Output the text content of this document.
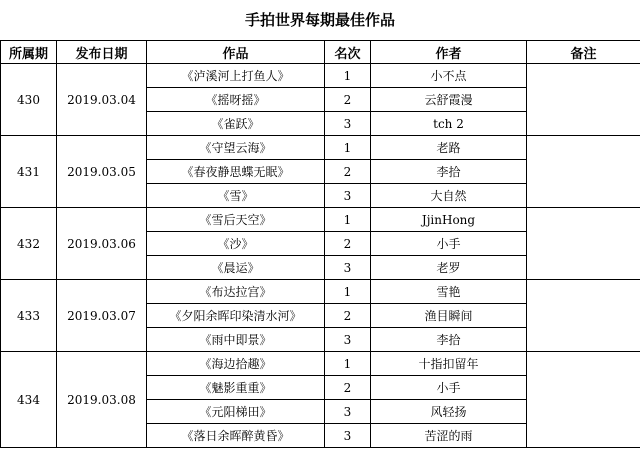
手拍世界每期最佳作品
所属期	发布日期	作品	名次	作者	备注
430	2019.03.04	《泸溪河上打鱼人》	1	小不点	
		《摇呀摇》	2	云舒霞漫	
		《雀跃》	3	tch 2	
431	2019.03.05	《守望云海》	1	老路	
		《春夜静思蝶无眠》	2	李拾	
		《雪》	3	大自然	
432	2019.03.06	《雪后天空》	1	JjinHong	
		《沙》	2	小手	
		《晨运》	3	老罗	
433	2019.03.07	《布达拉宫》	1	雪艳	
		《夕阳余晖印染清水河》	2	渔目瞬间	
		《雨中即景》	3	李拾	
434	2019.03.08	《海边拾趣》	1	十指扣留年	
		《魅影重重》	2	小手	
		《元阳梯田》	3	风轻扬	
		《落日余晖醉黄昏》	3	苦涩的雨	
